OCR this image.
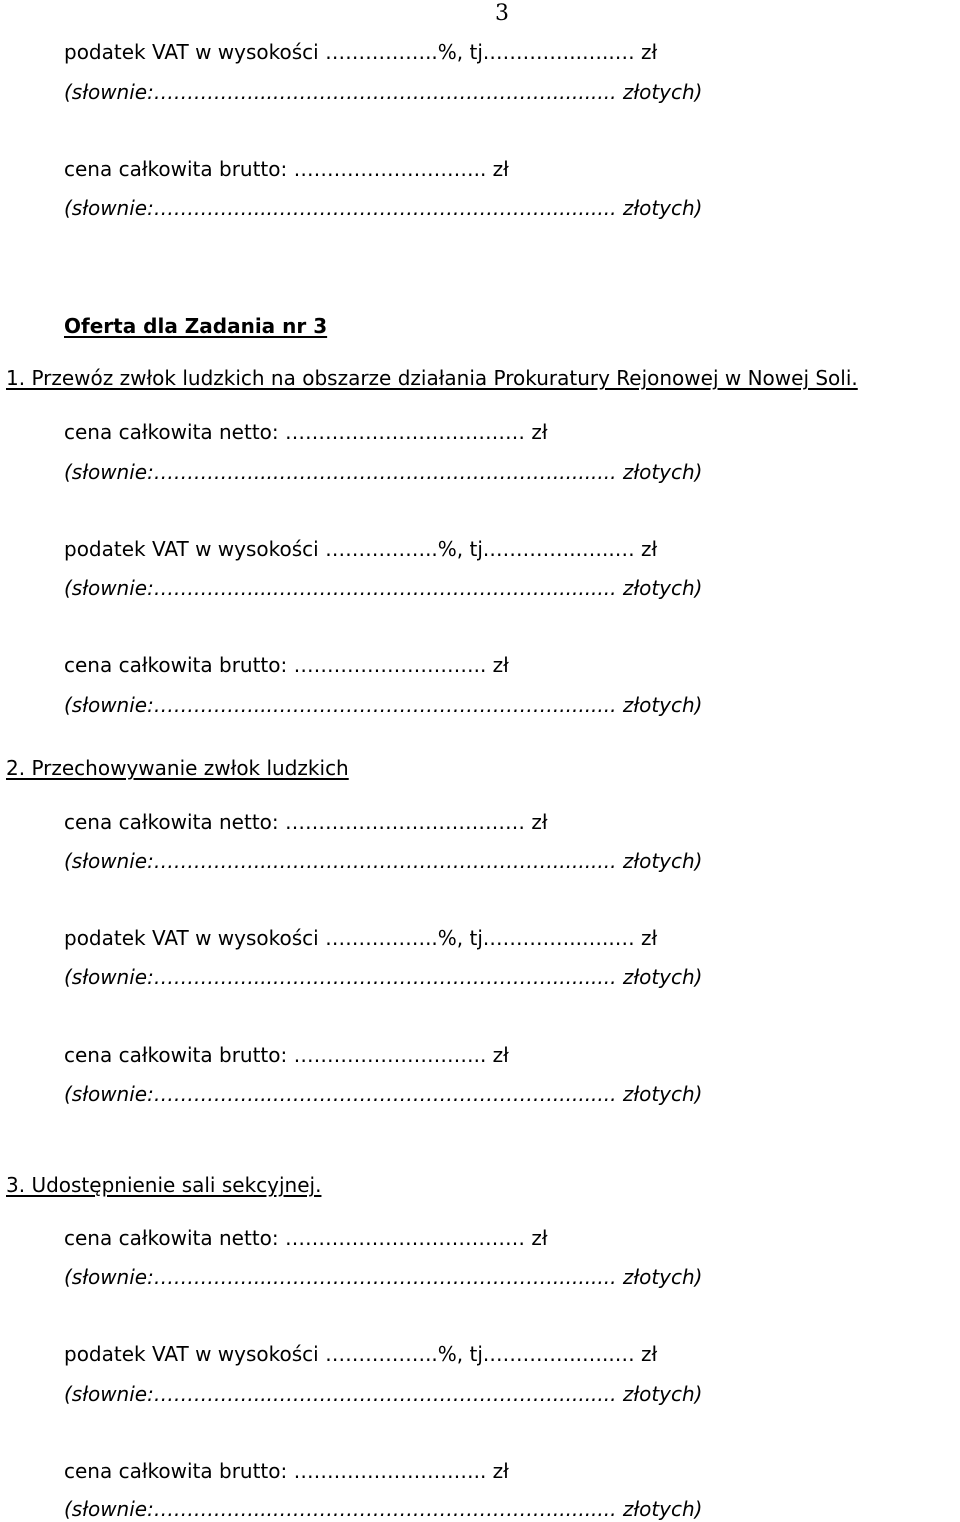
3
podatek VAT w wysokości ……………..%, tj.…………..…..… zł
(słownie:……………...…………………………………….......... złotych)
cena całkowita brutto: ……………………….. zł
(słownie:……………...…………………………………….......... złotych)
Oferta dla Zadania nr 3
1. Przewóz zwłok ludzkich na obszarze działania Prokuratury Rejonowej w Nowej Soli.
cena całkowita netto: ……………………………… zł
(słownie:……………...…………………………………….......... złotych)
podatek VAT w wysokości ……………..%, tj.…………..…..… zł
(słownie:……………...…………………………………….......... złotych)
cena całkowita brutto: ……………………….. zł
(słownie:……………...…………………………………….......... złotych)
2. Przechowywanie zwłok ludzkich
cena całkowita netto: ……………………………… zł
(słownie:……………...…………………………………….......... złotych)
podatek VAT w wysokości ……………..%, tj.…………..…..… zł
(słownie:……………...…………………………………….......... złotych)
cena całkowita brutto: ……………………….. zł
(słownie:……………...…………………………………….......... złotych)
3. Udostępnienie sali sekcyjnej.
cena całkowita netto: ……………………………… zł
(słownie:……………...…………………………………….......... złotych)
podatek VAT w wysokości ……………..%, tj.…………..…..… zł
(słownie:……………...…………………………………….......... złotych)
cena całkowita brutto: ……………………….. zł
(słownie:……………...…………………………………….......... złotych)
